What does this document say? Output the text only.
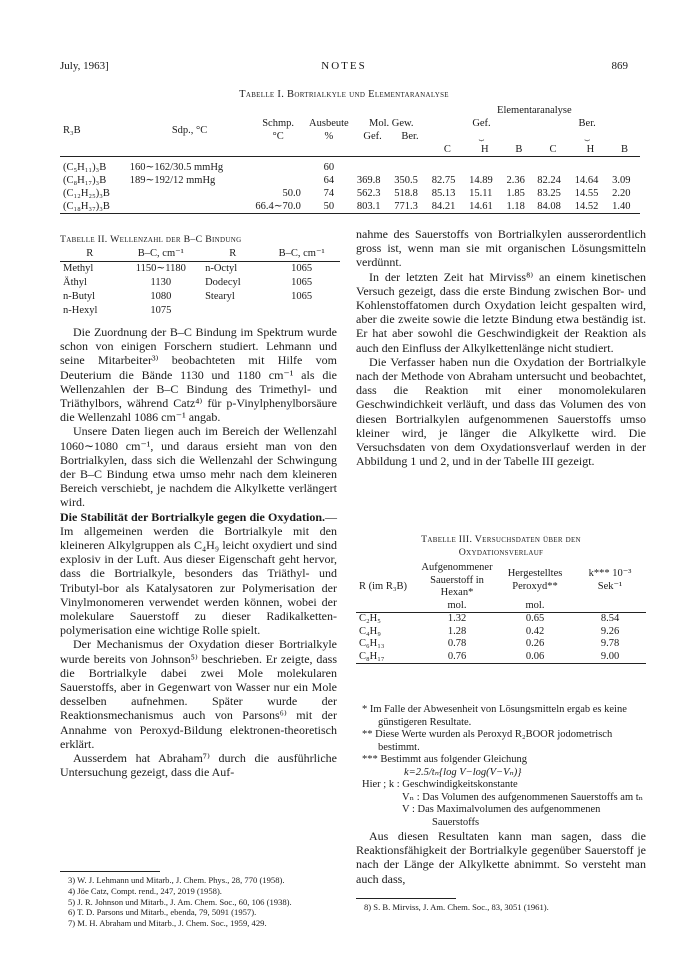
July, 1963]	NOTES	869
Tabelle I. Bortrialkyle und Elementaranalyse
						Elementaranalyse					
R₃B	Sdp., °C	Schmp. °C	Ausbeute %	Mol. Gew.		Gef.			Ber.		
				Gef.	Ber.	⏟			⏟		
						C	H	B	C	H	B

(C₅H₁₁)₃B	160∼162/30.5 mmHg		60								
(C₈H₁₇)₃B	189∼192/12 mmHg		64	369.8	350.5	82.75	14.89	2.36	82.24	14.64	3.09
(C₁₂H₂₅)₃B		50.0	74	562.3	518.8	85.13	15.11	1.85	83.25	14.55	2.20
(C₁₈H₃₇)₃B		66.4∼70.0	50	803.1	771.3	84.21	14.61	1.18	84.08	14.52	1.40
Tabelle II. Wellenzahl der B–C Bindung
R	B–C, cm⁻¹	R	B–C, cm⁻¹
Methyl	1150∼1180	n-Octyl	1065
Äthyl	1130	Dodecyl	1065
n-Butyl	1080	Stearyl	1065
n-Hexyl	1075		

Die Zuordnung der B–C Bindung im Spektrum wurde schon von einigen Forschern studiert. Lehmann und seine Mitarbeiter³⁾ beobachteten mit Hilfe vom Deuterium die Bände 1130 und 1180 cm⁻¹ als die Wellenzahlen der B–C Bindung des Trimethyl- und Triäthylbors, während Catz⁴⁾ für p-Vinylphenylborsäure die Wellenzahl 1086 cm⁻¹ angab.

Unsere Daten liegen auch im Bereich der Wellenzahl 1060∼1080 cm⁻¹, und daraus ersieht man von den Bortrialkylen, dass sich die Wellenzahl der Schwingung der B–C Bindung etwa umso mehr nach dem kleineren Bereich verschiebt, je nachdem die Alkylkette verlängert wird.

Die Stabilität der Bortrialkyle gegen die Oxydation.—Im allgemeinen werden die Bortrialkyle mit den kleineren Alkylgruppen als C₄H₉ leicht oxydiert und sind explosiv in der Luft. Aus dieser Eigenschaft geht hervor, dass die Bortrialkyle, besonders das Triäthyl- und Tributyl-bor als Katalysatoren zur Polymerisation der Vinylmonomeren verwendet werden können, wobei der molekulare Sauerstoff zu dieser Radikalketten-polymerisation eine wichtige Rolle spielt.

Der Mechanismus der Oxydation dieser Bortrialkyle wurde bereits von Johnson⁵⁾ beschrieben. Er zeigte, dass die Bortrialkyle dabei zwei Mole molekularen Sauerstoffs, aber in Gegenwart von Wasser nur ein Mole desselben aufnehmen. Später wurde der Reaktionsmechanismus auch von Parsons⁶⁾ mit der Annahme von Peroxyd-Bildung elektronen-theoretisch erklärt.

Ausserdem hat Abraham⁷⁾ durch die ausführliche Untersuchung gezeigt, dass die Auf-

3) W. J. Lehmann und Mitarb., J. Chem. Phys., 28, 770 (1958).
4) Jöe Catz, Compt. rend., 247, 2019 (1958).
5) J. R. Johnson und Mitarb., J. Am. Chem. Soc., 60, 106 (1938).
6) T. D. Parsons und Mitarb., ebenda, 79, 5091 (1957).
7) M. H. Abraham und Mitarb., J. Chem. Soc., 1959, 429.

nahme des Sauerstoffs von Bortrialkylen ausserordentlich gross ist, wenn man sie mit organischen Lösungsmitteln verdünnt.

In der letzten Zeit hat Mirviss⁸⁾ an einem kinetischen Versuch gezeigt, dass die erste Bindung zwischen Bor- und Kohlenstoffatomen durch Oxydation leicht gespalten wird, aber die zweite sowie die letzte Bindung etwa beständig ist. Er hat aber sowohl die Geschwindigkeit der Reaktion als auch den Einfluss der Alkylkettenlänge nicht studiert.

Die Verfasser haben nun die Oxydation der Bortrialkyle nach der Methode von Abraham untersucht und beobachtet, dass die Reaktion mit einer monomolekularen Geschwindichkeit verläuft, und dass das Volumen des von diesen Bortrialkylen aufgenommenen Sauerstoffs umso kleiner wird, je länger die Alkylkette wird. Die Versuchsdaten von dem Oxydationsverlauf werden in der Abbildung 1 und 2, und in der Tabelle III gezeigt.

Tabelle III. Versuchsdaten über den
Oxydationsverlauf
R (im R₃B)	Aufgenommener Sauerstoff in Hexan*	Hergestelltes Peroxyd**	k*** 10⁻³ Sek⁻¹
	mol.	mol.	
C₂H₅	1.32	0.65	8.54
C₄H₉	1.28	0.42	9.26
C₆H₁₃	0.78	0.26	9.78
C₈H₁₇	0.76	0.06	9.00
* Im Falle der Abwesenheit von Lösungsmitteln ergab es keine günstigeren Resultate.
** Diese Werte wurden als Peroxyd R₂BOOR jodometrisch bestimmt.
*** Bestimmt aus folgender Gleichung
k=2.5/tₙ{log V−log(V−Vₙ)}
Hier ; k : Geschwindigkeitskonstante
Vₙ : Das Volumen des aufgenommenen Sauerstoffs am tₙ
V : Das Maximalvolumen des aufgenommenen Sauerstoffs

Aus diesen Resultaten kann man sagen, dass die Reaktionsfähigkeit der Bortrialkyle gegenüber Sauerstoff je nach der Länge der Alkylkette abnimmt. So versteht man auch dass,

8) S. B. Mirviss, J. Am. Chem. Soc., 83, 3051 (1961).
